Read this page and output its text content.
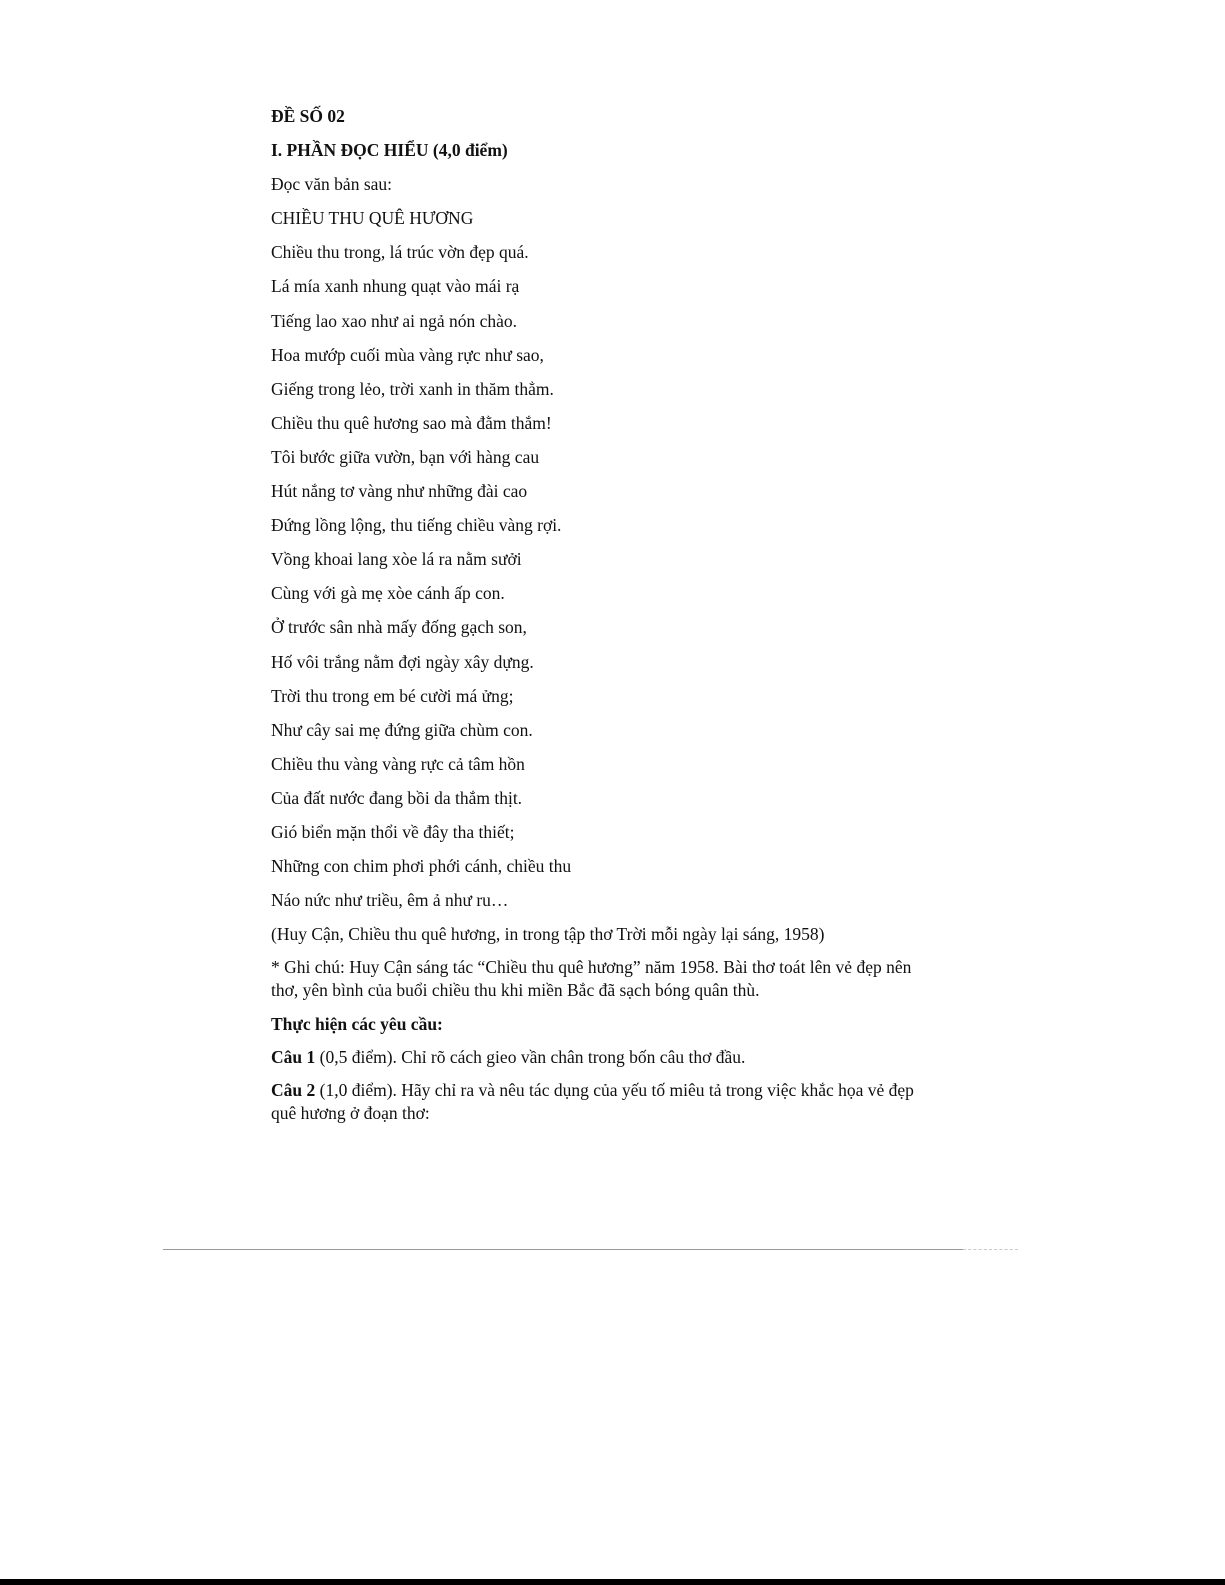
ĐỀ SỐ 02
I. PHẦN ĐỌC HIỂU (4,0 điểm)
Đọc văn bản sau:
CHIỀU THU QUÊ HƯƠNG
Chiều thu trong, lá trúc vờn đẹp quá.
Lá mía xanh nhung quạt vào mái rạ
Tiếng lao xao như ai ngả nón chào.
Hoa mướp cuối mùa vàng rực như sao,
Giếng trong lẻo, trời xanh in thăm thẳm.
Chiều thu quê hương sao mà đằm thắm!
Tôi bước giữa vườn, bạn với hàng cau
Hút nắng tơ vàng như những đài cao
Đứng lồng lộng, thu tiếng chiều vàng rợi.
Vồng khoai lang xòe lá ra nằm sưởi
Cùng với gà mẹ xòe cánh ấp con.
Ở trước sân nhà mấy đống gạch son,
Hố vôi trắng nằm đợi ngày xây dựng.
Trời thu trong em bé cười má ửng;
Như cây sai mẹ đứng giữa chùm con.
Chiều thu vàng vàng rực cả tâm hồn
Của đất nước đang bồi da thắm thịt.
Gió biển mặn thổi về đây tha thiết;
Những con chim phơi phới cánh, chiều thu
Náo nức như triều, êm ả như ru…
(Huy Cận, Chiều thu quê hương, in trong tập thơ Trời mỗi ngày lại sáng, 1958)
* Ghi chú: Huy Cận sáng tác “Chiều thu quê hương” năm 1958. Bài thơ toát lên vẻ đẹp nên thơ, yên bình của buổi chiều thu khi miền Bắc đã sạch bóng quân thù.
Thực hiện các yêu cầu:
Câu 1 (0,5 điểm). Chỉ rõ cách gieo vần chân trong bốn câu thơ đầu.
Câu 2 (1,0 điểm). Hãy chỉ ra và nêu tác dụng của yếu tố miêu tả trong việc khắc họa vẻ đẹp quê hương ở đoạn thơ:
